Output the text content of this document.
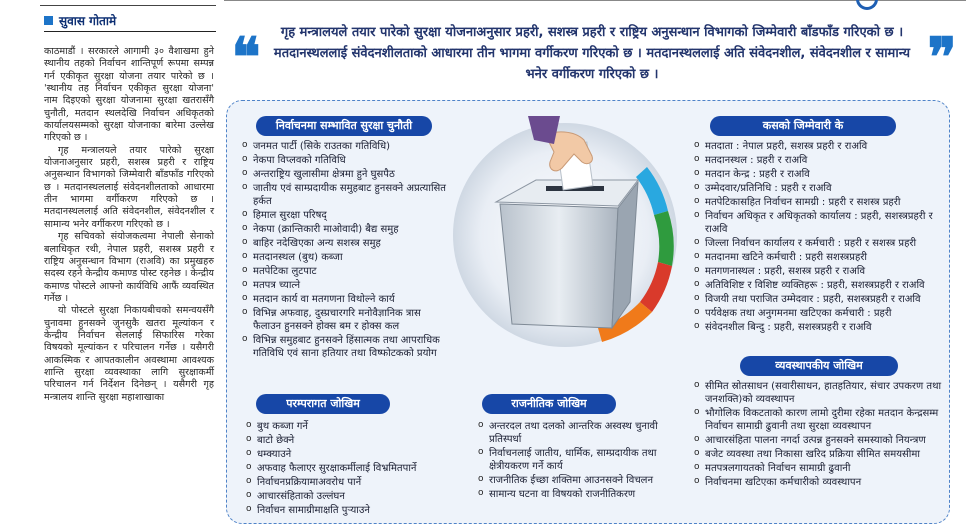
सुवास गोतामे

काठमाडौं । सरकारले आगामी ३० वैशाखमा हुने स्थानीय तहको निर्वाचन शान्तिपूर्ण रूपमा सम्पन्न गर्न एकीकृत सुरक्षा योजना तयार पारेको छ । 'स्थानीय तह निर्वाचन एकीकृत सुरक्षा योजना' नाम दिइएको सुरक्षा योजनामा सुरक्षा खतरासँगै चुनौती, मतदान स्थलदेखि निर्वाचन अधिकृतको कार्यालयसम्मको सुरक्षा योजनाका बारेमा उल्लेख गरिएको छ ।

गृह मन्त्रालयले तयार पारेको सुरक्षा योजनाअनुसार प्रहरी, सशस्त्र प्रहरी र राष्ट्रिय अनुसन्धान विभागको जिम्मेवारी बाँडफाँड गरिएको छ । मतदानस्थललाई संवेदनशीलताको आधारमा तीन भागमा वर्गीकरण गरिएको छ । मतदानस्थललाई अति संवेदनशील, संवेदनशील र सामान्य भनेर वर्गीकरण गरिएको छ ।

गृह सचिवको संयोजकत्वमा नेपाली सेनाको बलाधिकृत रथी, नेपाल प्रहरी, सशस्त्र प्रहरी र राष्ट्रिय अनुसन्धान विभाग (राअवि) का प्रमुखहरु सदस्य रहने केन्द्रीय कमाण्ड पोस्ट रहनेछ । केन्द्रीय कमाण्ड पोस्टले आफ्नो कार्यविधि आफैं व्यवस्थित गर्नेछ ।

यो पोस्टले सुरक्षा निकायबीचको समन्वयसँगै चुनावमा हुनसक्ने जुनसुकै खतरा मूल्यांकन र केन्द्रीय निर्वाचन सेललाई सिफारिस गरेका विषयको मूल्यांकन र परिचालन गर्नेछ । यसैगरी आकस्मिक र आपतकालीन अवस्थामा आवश्यक शान्ति सुरक्षा व्यवस्थाका लागि सुरक्षाकर्मी परिचालन गर्न निर्देशन दिनेछन् । यसैगरी गृह मन्त्रालय शान्ति सुरक्षा महाशाखाका

❝	गृह मन्त्रालयले तयार पारेको सुरक्षा योजनाअनुसार प्रहरी, सशस्त्र प्रहरी र राष्ट्रिय अनुसन्धान विभागको जिम्मेवारी बाँडफाँड गरिएको छ । मतदानस्थललाई संवेदनशीलताको आधारमा तीन भागमा वर्गीकरण गरिएको छ । मतदानस्थललाई अति संवेदनशील, संवेदनशील र सामान्य भनेर वर्गीकरण गरिएको छ ।	❞
निर्वाचनमा सम्भावित सुरक्षा चुनौती	कसको जिम्मेवारी के
परम्परागत जोखिम	राजनीतिक जोखिम
व्यवस्थापकीय जोखिम
o जनमत पार्टी (सिके राउतका गतिविधि)
o नेकपा विप्लवको गतिविधि
o अन्तराष्ट्रिय खुलासीमा क्षेत्रमा हुने घुसपैठ
o जातीय एवं साम्प्रदायीक समुहबाट हुनसक्ने अप्रत्यासित हर्कत
o हिमाल सुरक्षा परिषद्
o नेकपा (क्रान्तिकारी माओवादी) बैद्य समुह
o बाहिर नदेखिएका अन्य सशस्त्र समुह
o मतदानस्थल (बुथ) कब्जा
o मतपेटिका लुटपाट
o मतपत्र च्यात्ने
o मतदान कार्य वा मतगणना विथोल्ने कार्य
o विभिन्न अफवाह, दुस्प्रचारगरि मनोवैज्ञानिक त्रास फैलाउन हुनसक्ने होक्स बम र होक्स कल
o विभिन्न समुहबाट हुनसक्ने हिंसात्मक तथा आपराधिक गतिविधि एवं साना हतियार तथा विष्फोटकको प्रयोग
o मतदाता : नेपाल प्रहरी, सशस्त्र प्रहरी र राअवि
o मतदानस्थल : प्रहरी र राअवि
o मतदान केन्द्र : प्रहरी र राअवि
o उम्मेदवार/प्रतिनिधि : प्रहरी र राअवि
o मतपेटिकासहित निर्वाचन सामग्री : प्रहरी र सशस्त्र प्रहरी
o निर्वाचन अधिकृत र अधिकृतको कार्यालय : प्रहरी, सशस्त्रप्रहरी र राअवि
o जिल्ला निर्वाचन कार्यालय र कर्मचारी : प्रहरी र सशस्त्र प्रहरी
o मतदानमा खटिने कर्मचारी : प्रहरी सशस्त्रप्रहरी
o मतगणनास्थल : प्रहरी, सशस्त्र प्रहरी र राअवि
o अतिविशिष्ट र विशिष्ट व्यक्तिहरू : प्रहरी, सशस्त्रप्रहरी र राअवि
o विजयी तथा पराजित उम्मेदवार : प्रहरी, सशस्त्रप्रहरी र राअवि
o पर्यवेक्षक तथा अनुगमनमा खटिएका कर्मचारी : प्रहरी
o संवेदनशील बिन्दु : प्रहरी, सशस्त्रप्रहरी र राअवि
o बुथ कब्जा गर्ने
o बाटो छेक्ने
o धम्क्याउने
o अफवाह फैलाएर सुरक्षाकर्मीलाई विभ्रमितपार्ने
o निर्वाचनप्रक्रियामाअवरोध पार्ने
o आचारसंहिताको उल्लंघन
o निर्वाचन सामाग्रीमाक्षति पुऱ्याउने
o अन्तरदल तथा दलको आन्तरिक अस्वस्थ चुनावी प्रतिस्पर्धा
o निर्वाचनलाई जातीय, धार्मिक, साम्प्रदायीक तथा क्षेत्रीयकरण गर्ने कार्य
o राजनीतिक ईच्छा शक्तिमा आउनसक्ने विचलन
o सामान्य घटना वा विषयको राजनीतिकरण
o सीमित स्रोतसाधन (सवारीसाधन, हातहतियार, संचार उपकरण तथा जनशक्ति)को व्यवस्थापन
o भौगोलिक विकटताको कारण लामो दुरीमा रहेका मतदान केन्द्रसम्म निर्वाचन सामाग्री ढुवानी तथा सुरक्षा व्यवस्थापन
o आचारसंहिता पालना नगर्दा उत्पन्न हुनसक्ने समस्याको नियन्त्रण
o बजेट व्यवस्था तथा निकासा खरिद प्रक्रिया सीमित समयसीमा
o मतपत्रलगायतको निर्वाचन सामाग्री ढुवानी
o निर्वाचनमा खटिएका कर्मचारीको व्यवस्थापन
